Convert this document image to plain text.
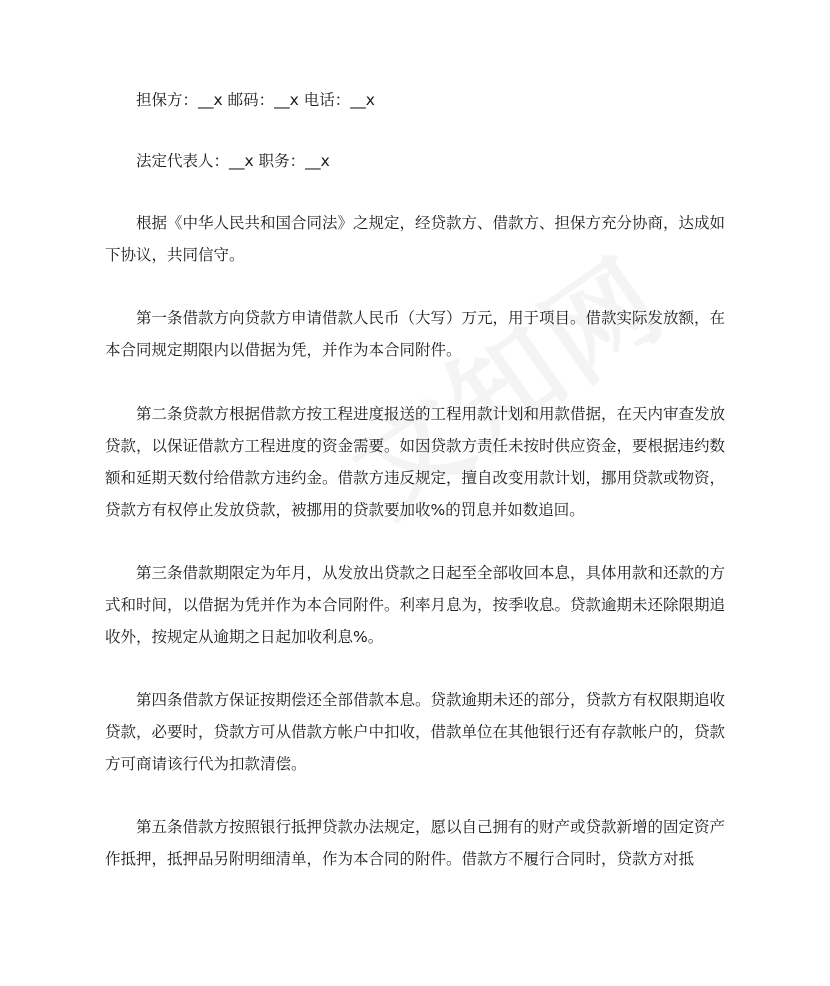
担保方：__x 邮码：__x 电话：__x

法定代表人：__x 职务：__x

根据《中华人民共和国合同法》之规定，经贷款方、借款方、担保方充分协商，达成如下协议，共同信守。

第一条借款方向贷款方申请借款人民币（大写）万元，用于项目。借款实际发放额，在本合同规定期限内以借据为凭，并作为本合同附件。

第二条贷款方根据借款方按工程进度报送的工程用款计划和用款借据，在天内审查发放贷款，以保证借款方工程进度的资金需要。如因贷款方责任未按时供应资金，要根据违约数额和延期天数付给借款方违约金。借款方违反规定，擅自改变用款计划，挪用贷款或物资，贷款方有权停止发放贷款，被挪用的贷款要加收%的罚息并如数追回。

第三条借款期限定为年月，从发放出贷款之日起至全部收回本息，具体用款和还款的方式和时间，以借据为凭并作为本合同附件。利率月息为，按季收息。贷款逾期未还除限期追收外，按规定从逾期之日起加收利息%。

第四条借款方保证按期偿还全部借款本息。贷款逾期未还的部分，贷款方有权限期追收贷款，必要时，贷款方可从借款方帐户中扣收，借款单位在其他银行还有存款帐户的，贷款方可商请该行代为扣款清偿。

第五条借款方按照银行抵押贷款办法规定，愿以自己拥有的财产或贷款新增的固定资产作抵押，抵押品另附明细清单，作为本合同的附件。借款方不履行合同时，贷款方对抵
